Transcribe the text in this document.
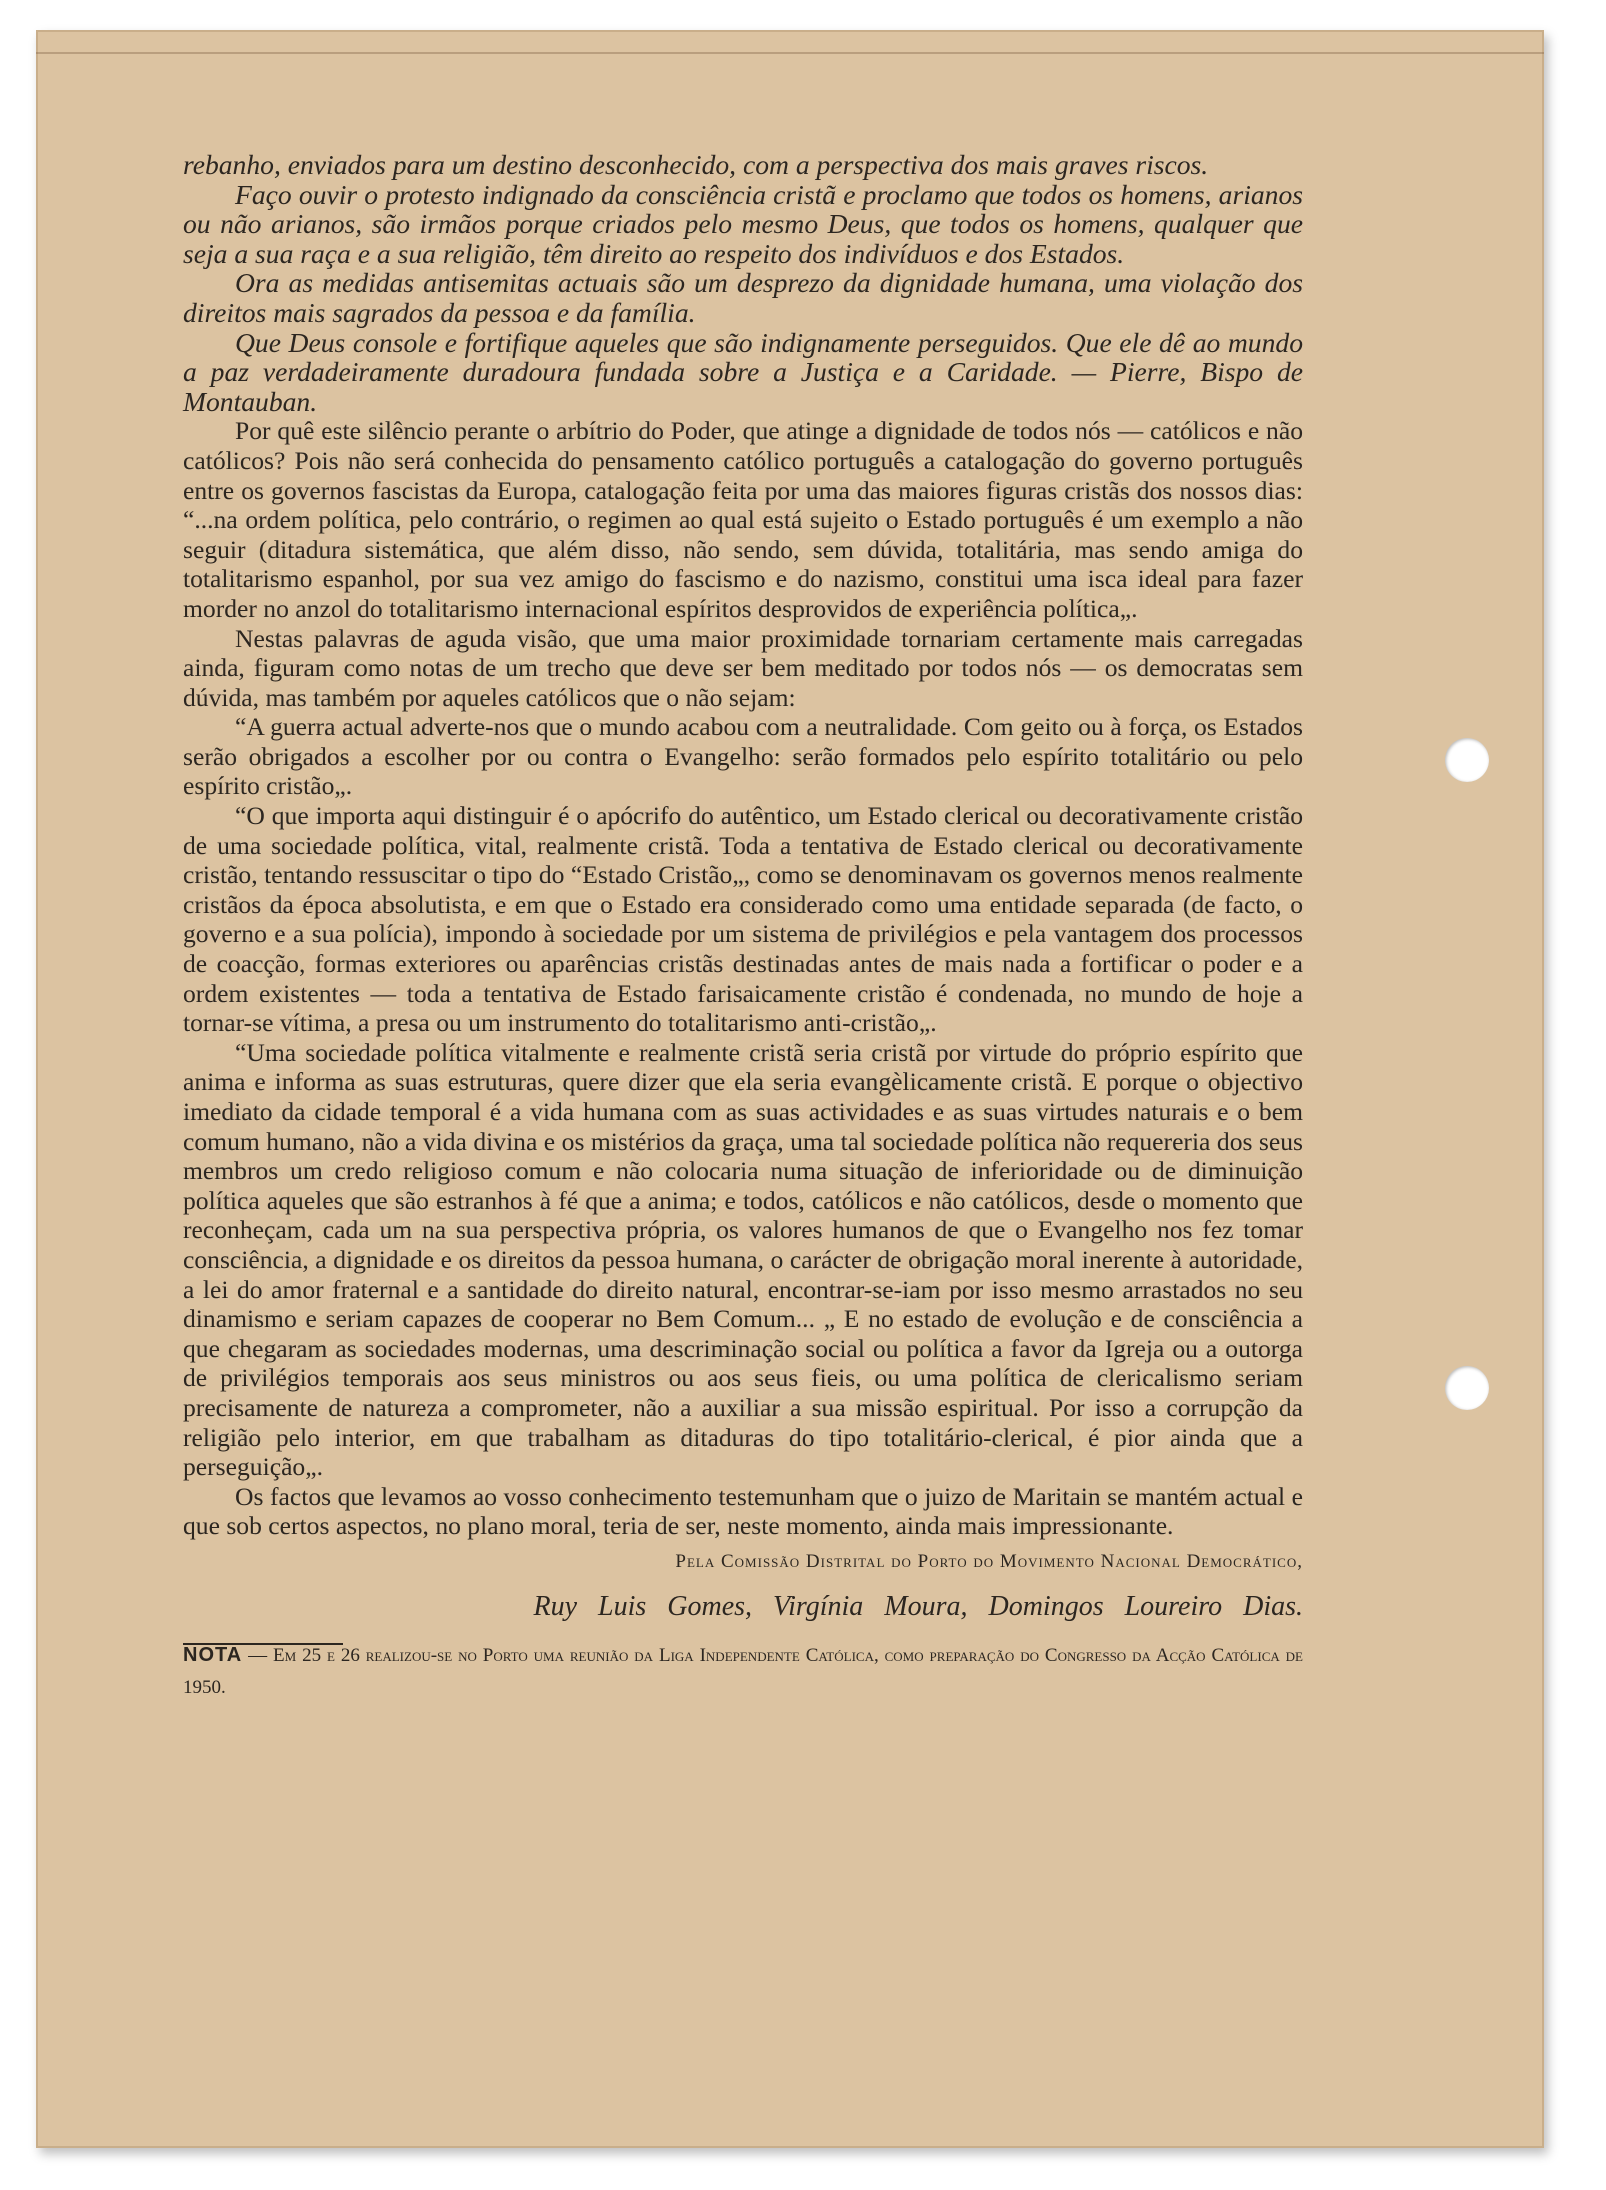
rebanho, enviados para um destino desconhecido, com a perspectiva dos mais graves riscos.

Faço ouvir o protesto indignado da consciência cristã e proclamo que todos os homens, arianos ou não arianos, são irmãos porque criados pelo mesmo Deus, que todos os homens, qualquer que seja a sua raça e a sua religião, têm direito ao respeito dos indivíduos e dos Estados.

Ora as medidas antisemitas actuais são um desprezo da dignidade humana, uma violação dos direitos mais sagrados da pessoa e da família.

Que Deus console e fortifique aqueles que são indignamente perseguidos. Que ele dê ao mundo a paz verdadeiramente duradoura fundada sobre a Justiça e a Caridade. — Pierre, Bispo de Montauban.

Por quê este silêncio perante o arbítrio do Poder, que atinge a dignidade de todos nós — católicos e não católicos? Pois não será conhecida do pensamento católico português a catalogação do governo português entre os governos fascistas da Europa, catalogação feita por uma das maiores figuras cristãs dos nossos dias: “...na ordem política, pelo contrário, o regimen ao qual está sujeito o Estado português é um exemplo a não seguir (ditadura sistemática, que além disso, não sendo, sem dúvida, totalitária, mas sendo amiga do totalitarismo espanhol, por sua vez amigo do fascismo e do nazismo, constitui uma isca ideal para fazer morder no anzol do totalitarismo internacional espíritos desprovidos de experiência política„.

Nestas palavras de aguda visão, que uma maior proximidade tornariam certamente mais carregadas ainda, figuram como notas de um trecho que deve ser bem meditado por todos nós — os democratas sem dúvida, mas também por aqueles católicos que o não sejam:

“A guerra actual adverte-nos que o mundo acabou com a neutralidade. Com geito ou à força, os Estados serão obrigados a escolher por ou contra o Evangelho: serão formados pelo espírito totalitário ou pelo espírito cristão„.

“O que importa aqui distinguir é o apócrifo do autêntico, um Estado clerical ou decorativamente cristão de uma sociedade política, vital, realmente cristã. Toda a tentativa de Estado clerical ou decorativamente cristão, tentando ressuscitar o tipo do “Estado Cristão„, como se denominavam os governos menos realmente cristãos da época absolutista, e em que o Estado era considerado como uma entidade separada (de facto, o governo e a sua polícia), impondo à sociedade por um sistema de privilégios e pela vantagem dos processos de coacção, formas exteriores ou aparências cristãs destinadas antes de mais nada a fortificar o poder e a ordem existentes — toda a tentativa de Estado farisaicamente cristão é condenada, no mundo de hoje a tornar-se vítima, a presa ou um instrumento do totalitarismo anti-cristão„.

“Uma sociedade política vitalmente e realmente cristã seria cristã por virtude do próprio espírito que anima e informa as suas estruturas, quere dizer que ela seria evangèlicamente cristã. E porque o objectivo imediato da cidade temporal é a vida humana com as suas actividades e as suas virtudes naturais e o bem comum humano, não a vida divina e os mistérios da graça, uma tal sociedade política não requereria dos seus membros um credo religioso comum e não colocaria numa situação de inferioridade ou de diminuição política aqueles que são estranhos à fé que a anima; e todos, católicos e não católicos, desde o momento que reconheçam, cada um na sua perspectiva própria, os valores humanos de que o Evangelho nos fez tomar consciência, a dignidade e os direitos da pessoa humana, o carácter de obrigação moral inerente à autoridade, a lei do amor fraternal e a santidade do direito natural, encontrar-se-iam por isso mesmo arrastados no seu dinamismo e seriam capazes de cooperar no Bem Comum... „ E no estado de evolução e de consciência a que chegaram as sociedades modernas, uma descriminação social ou política a favor da Igreja ou a outorga de privilégios temporais aos seus ministros ou aos seus fieis, ou uma política de clericalismo seriam precisamente de natureza a comprometer, não a auxiliar a sua missão espiritual. Por isso a corrupção da religião pelo interior, em que trabalham as ditaduras do tipo totalitário-clerical, é pior ainda que a perseguição„.

Os factos que levamos ao vosso conhecimento testemunham que o juizo de Maritain se mantém actual e que sob certos aspectos, no plano moral, teria de ser, neste momento, ainda mais impressionante.

Pela Comissão Distrital do Porto do Movimento Nacional Democrático,
Ruy Luis Gomes, Virgínia Moura, Domingos Loureiro Dias.
NOTA — Em 25 e 26 realizou-se no Porto uma reunião da Liga Independente Católica, como preparação do Congresso da Acção Católica de 1950.
